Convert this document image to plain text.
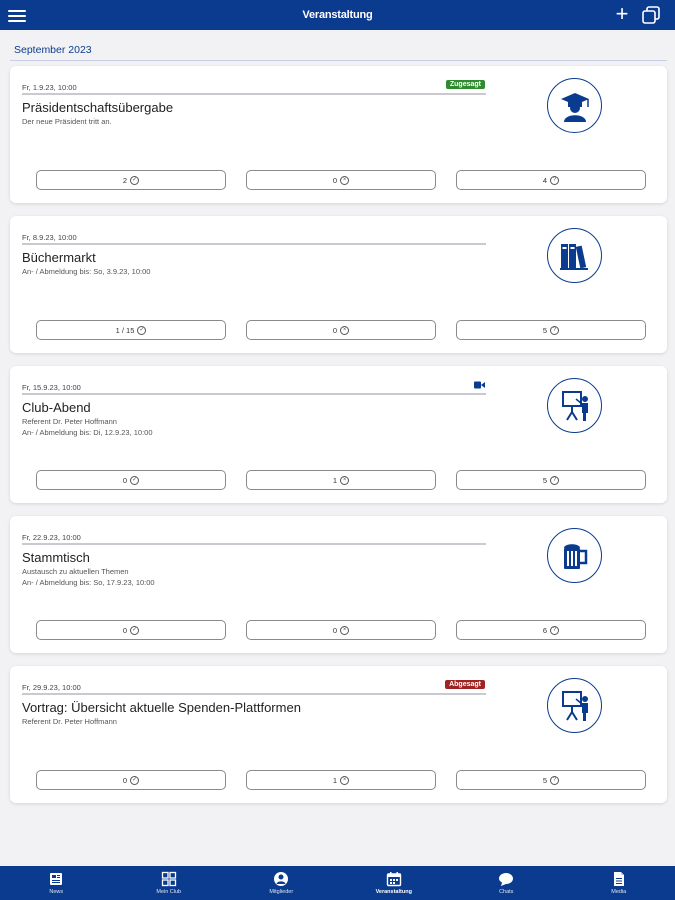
Veranstaltung	+
September 2023
Fr, 1.9.23, 10:00	Zugesagt
Präsidentschaftsübergabe
Der neue Präsident tritt an.
2 ✓	0 ×	4 ?
Fr, 8.9.23, 10:00
Büchermarkt
An- / Abmeldung bis: So, 3.9.23, 10:00
1 / 15 ✓	0 ×	5 ?
Fr, 15.9.23, 10:00
Club-Abend
Referent Dr. Peter Hoffmann
An- / Abmeldung bis: Di, 12.9.23, 10:00
0 ✓	1 ×	5 ?
Fr, 22.9.23, 10:00
Stammtisch
Austausch zu aktuellen Themen
An- / Abmeldung bis: So, 17.9.23, 10:00
0 ✓	0 ×	6 ?
Fr, 29.9.23, 10:00	Abgesagt
Vortrag: Übersicht aktuelle Spenden-Plattformen
Referent Dr. Peter Hoffmann
0 ✓	1 ×	5 ?
News	Mein Club	Mitglieder	Veranstaltung	Chats	Media
